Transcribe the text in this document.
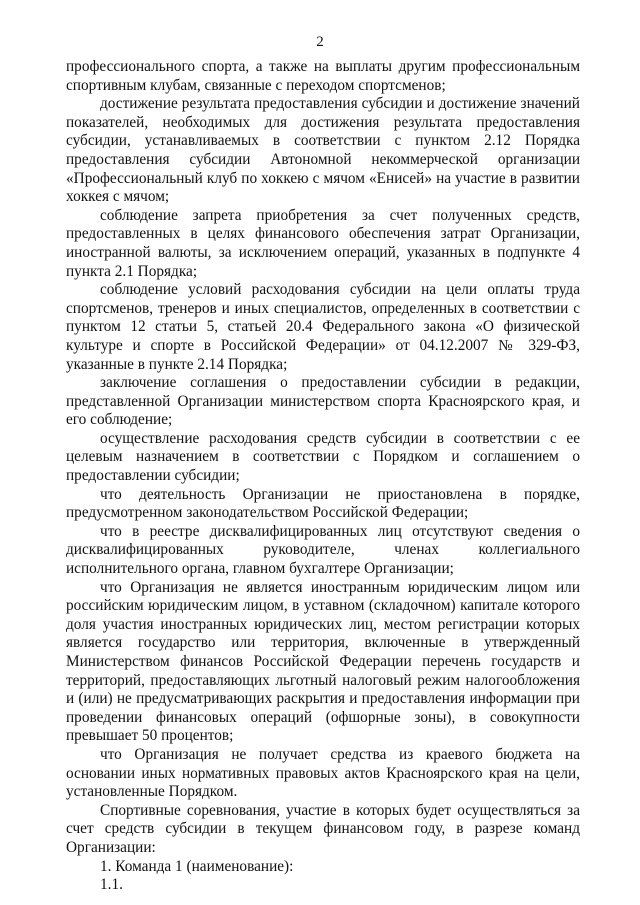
2

профессионального спорта, а также на выплаты другим профессиональным спортивным клубам, связанные с переходом спортсменов;

достижение результата предоставления субсидии и достижение значений показателей, необходимых для достижения результата предоставления субсидии, устанавливаемых в соответствии с пунктом 2.12 Порядка предоставления субсидии Автономной некоммерческой организации «Профессиональный клуб по хоккею с мячом «Енисей» на участие в развитии хоккея с мячом;

соблюдение запрета приобретения за счет полученных средств, предоставленных в целях финансового обеспечения затрат Организации, иностранной валюты, за исключением операций, указанных в подпункте 4 пункта 2.1 Порядка;

соблюдение условий расходования субсидии на цели оплаты труда спортсменов, тренеров и иных специалистов, определенных в соответствии с пунктом 12 статьи 5, статьей 20.4 Федерального закона «О физической культуре и спорте в Российской Федерации» от 04.12.2007 № 329-ФЗ, указанные в пункте 2.14 Порядка;

заключение соглашения о предоставлении субсидии в редакции, представленной Организации министерством спорта Красноярского края, и его соблюдение;

осуществление расходования средств субсидии в соответствии с ее целевым назначением в соответствии с Порядком и соглашением о предоставлении субсидии;

что деятельность Организации не приостановлена в порядке, предусмотренном законодательством Российской Федерации;

что в реестре дисквалифицированных лиц отсутствуют сведения о дисквалифицированных руководителе, членах коллегиального исполнительного органа, главном бухгалтере Организации;

что Организация не является иностранным юридическим лицом или российским юридическим лицом, в уставном (складочном) капитале которого доля участия иностранных юридических лиц, местом регистрации которых является государство или территория, включенные в утвержденный Министерством финансов Российской Федерации перечень государств и территорий, предоставляющих льготный налоговый режим налогообложения и (или) не предусматривающих раскрытия и предоставления информации при проведении финансовых операций (офшорные зоны), в совокупности превышает 50 процентов;

что Организация не получает средства из краевого бюджета на основании иных нормативных правовых актов Красноярского края на цели, установленные Порядком.

Спортивные соревнования, участие в которых будет осуществляться за счет средств субсидии в текущем финансовом году, в разрезе команд Организации:

1. Команда 1 (наименование):

1.1.
